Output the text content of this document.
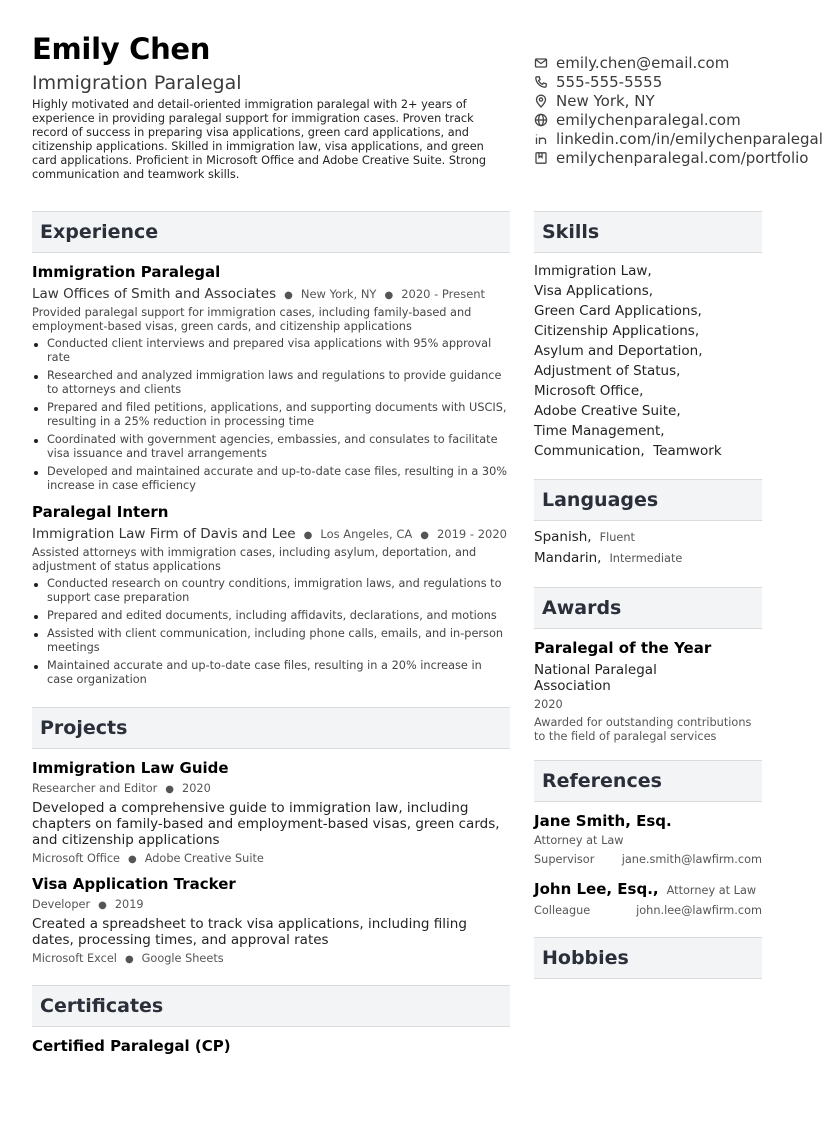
Emily Chen
Immigration Paralegal
Highly motivated and detail-oriented immigration paralegal with 2+ years of experience in providing paralegal support for immigration cases. Proven track record of success in preparing visa applications, green card applications, and citizenship applications. Skilled in immigration law, visa applications, and green card applications. Proficient in Microsoft Office and Adobe Creative Suite. Strong communication and teamwork skills.
emily.chen@email.com
555-555-5555
New York, NY
emilychenparalegal.com
linkedin.com/in/emilychenparalegal
emilychenparalegal.com/portfolio
Experience
Immigration Paralegal
Law Offices of Smith and Associates ● New York, NY ● 2020 - Present
Provided paralegal support for immigration cases, including family-based and employment-based visas, green cards, and citizenship applications
Conducted client interviews and prepared visa applications with 95% approval rate
Researched and analyzed immigration laws and regulations to provide guidance to attorneys and clients
Prepared and filed petitions, applications, and supporting documents with USCIS, resulting in a 25% reduction in processing time
Coordinated with government agencies, embassies, and consulates to facilitate visa issuance and travel arrangements
Developed and maintained accurate and up-to-date case files, resulting in a 30% increase in case efficiency
Paralegal Intern
Immigration Law Firm of Davis and Lee ● Los Angeles, CA ● 2019 - 2020
Assisted attorneys with immigration cases, including asylum, deportation, and adjustment of status applications
Conducted research on country conditions, immigration laws, and regulations to support case preparation
Prepared and edited documents, including affidavits, declarations, and motions
Assisted with client communication, including phone calls, emails, and in-person meetings
Maintained accurate and up-to-date case files, resulting in a 20% increase in case organization
Projects
Immigration Law Guide
Researcher and Editor ● 2020
Developed a comprehensive guide to immigration law, including chapters on family-based and employment-based visas, green cards, and citizenship applications
Microsoft Office ● Adobe Creative Suite
Visa Application Tracker
Developer ● 2019
Created a spreadsheet to track visa applications, including filing dates, processing times, and approval rates
Microsoft Excel ● Google Sheets
Certificates
Certified Paralegal (CP)
Skills
Immigration Law,
Visa Applications,
Green Card Applications,
Citizenship Applications,
Asylum and Deportation,
Adjustment of Status,
Microsoft Office,
Adobe Creative Suite,
Time Management,
Communication, Teamwork
Languages
Spanish, Fluent
Mandarin, Intermediate
Awards
Paralegal of the Year
National Paralegal Association
2020
Awarded for outstanding contributions to the field of paralegal services
References
Jane Smith, Esq.
Attorney at Law
Supervisor jane.smith@lawfirm.com
John Lee, Esq., Attorney at Law
Colleague	john.lee@lawfirm.com
Hobbies
